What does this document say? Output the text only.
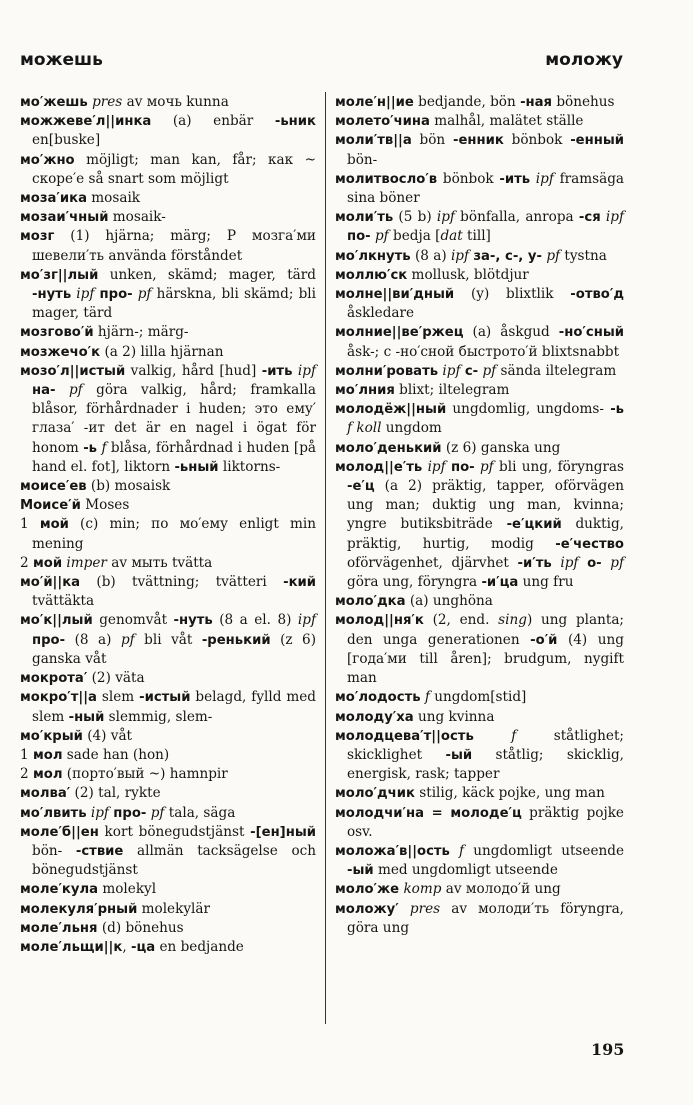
можешь	моложу

мо′жешь pres av мочь kunna

можжеве′л||инка (a) enbär -ьник en[buske]

мо′жно möjligt; man kan, får; как ~ скоре′е så snart som möjligt

моза′ика mosaik

мозаи′чный mosaik-

мозг (1) hjärna; märg; P мозга′ми шевели′ть använda förståndet

мо′зг||лый unken, skämd; mager, tärd -нуть ipf про- pf härskna, bli skämd; bli mager, tärd

мозгово′й hjärn-; märg-

мозжечо′к (a 2) lilla hjärnan

мозо′л||истый valkig, hård [hud] -ить ipf на- pf göra valkig, hård; framkalla blåsor, förhårdnader i huden; это ему′ глаза′ -ит det är en nagel i ögat för honom -ь f blåsa, förhårdnad i huden [på hand el. fot], liktorn -ьный liktorns-

моисе′ев (b) mosaisk

Моисе′й Moses

1 мой (c) min; по мо′ему enligt min mening

2 мой imper av мыть tvätta

мо′й||ка (b) tvättning; tvätteri -кий tvättäkta

мо′к||лый genomvåt -нуть (8 a el. 8) ipf про- (8 a) pf bli våt -ренький (z 6) ganska våt

мокрота′ (2) väta

мокро′т||а slem -истый belagd, fylld med slem -ный slemmig, slem-

мо′крый (4) våt

1 мол sade han (hon)

2 мол (порто′вый ~) hamnpir

молва′ (2) tal, rykte

мо′лвить ipf про- pf tala, säga

моле′б||ен kort bönegudstjänst -[ен]ный bön- -ствие allmän tacksägelse och bönegudstjänst

моле′кула molekyl

молекуля′рный molekylär

моле′льня (d) bönehus

моле′льщи||к, -ца en bedjande

моле′н||ие bedjande, bön -ная bönehus

молето′чина malhål, malätet ställe

моли′тв||а bön -енник bönbok -енный bön-

молитвосло′в bönbok -ить ipf framsäga sina böner

моли′ть (5 b) ipf bönfalla, anropa -ся ipf по- pf bedja [dat till]

мо′лкнуть (8 a) ipf за-, с-, у- pf tystna

моллю′ск mollusk, blötdjur

молне||ви′дный (y) blixtlik -отво′д åskledare

молние||ве′ржец (a) åskgud -но′сный åsk-; с -но′сной быстрото′й blixtsnabbt

молни′ровать ipf с- pf sända iltelegram

мо′лния blixt; iltelegram

молодёж||ный ungdomlig, ungdoms- -ь f koll ungdom

моло′денький (z 6) ganska ung

молод||е′ть ipf по- pf bli ung, föryngras -е′ц (a 2) präktig, tapper, oförvägen ung man; duktig ung man, kvinna; yngre butiksbiträde -е′цкий duktig, präktig, hurtig, modig -е′чество oförvägenhet, djärvhet -и′ть ipf о- pf göra ung, föryngra -и′ца ung fru

моло′дка (a) unghöna

молод||ня′к (2, end. sing) ung planta; den unga generationen -о′й (4) ung [года′ми till åren]; brudgum, nygift man

мо′лодость f ungdom[stid]

молоду′ха ung kvinna

молодцева′т||ость	f ståtlighet; skicklighet -ый ståtlig; skicklig, energisk, rask; tapper

моло′дчик stilig, käck pojke, ung man

молодчи′на = молоде′ц präktig pojke osv.

моложа′в||ость f ungdomligt utseende -ый med ungdomligt utseende

моло′же komp av молодо′й ung

моложу′ pres av молоди′ть föryngra, göra ung

195
